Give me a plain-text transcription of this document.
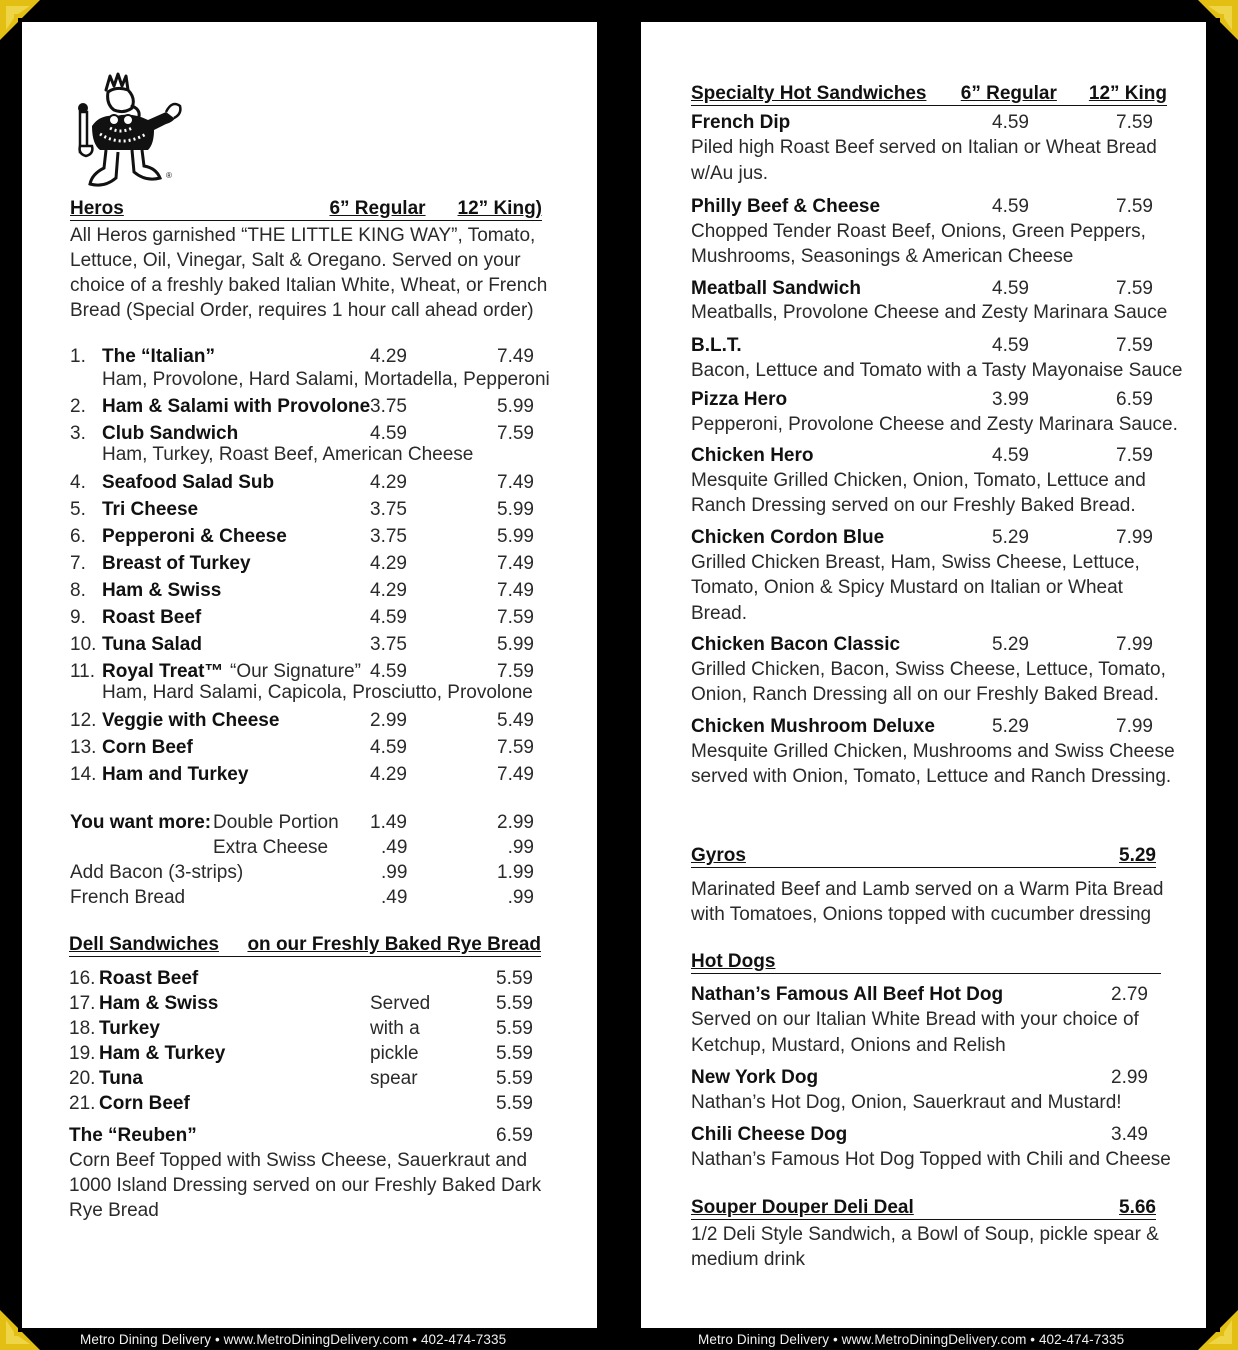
®
Heros	6” Regular 12” King)
All Heros garnished “THE LITTLE KING WAY”, Tomato,
Lettuce, Oil, Vinegar, Salt & Oregano. Served on your
choice of a freshly baked Italian White, Wheat, or French
Bread (Special Order, requires 1 hour call ahead order)
1. The “Italian”	4.29	7.49
Ham, Provolone, Hard Salami, Mortadella, Pepperoni
2. Ham & Salami with Provolone 3.75	5.99
3. Club Sandwich	4.59	7.59
Ham, Turkey, Roast Beef, American Cheese
4. Seafood Salad Sub	4.29	7.49
5. Tri Cheese	3.75	5.99
6. Pepperoni & Cheese	3.75	5.99
7. Breast of Turkey	4.29	7.49
8. Ham & Swiss	4.29	7.49
9. Roast Beef	4.59	7.59
10. Tuna Salad	3.75	5.99
11. Royal Treat™ “Our Signature” 4.59	7.59
Ham, Hard Salami, Capicola, Prosciutto, Provolone
12. Veggie with Cheese	2.99	5.49
13. Corn Beef	4.59	7.59
14. Ham and Turkey	4.29	7.49
You want more: Double Portion 1.49	2.99
Extra Cheese	.49	.99
Add Bacon (3-strips)	.99	1.99
French Bread	.49	.99
Dell Sandwiches on our Freshly Baked Rye Bread
16. Roast Beef	5.59
17. Ham & Swiss	Served	5.59
18. Turkey	with a	5.59
19. Ham & Turkey	pickle	5.59
20. Tuna	spear	5.59
21. Corn Beef	5.59
The “Reuben”	6.59
Corn Beef Topped with Swiss Cheese, Sauerkraut and
1000 Island Dressing served on our Freshly Baked Dark
Rye Bread
Metro Dining Delivery • www.MetroDiningDelivery.com • 402-474-7335
Specialty Hot Sandwiches 6” Regular 12” King
French Dip	4.59	7.59
Piled high Roast Beef served on Italian or Wheat Bread
w/Au jus.
Philly Beef & Cheese	4.59	7.59
Chopped Tender Roast Beef, Onions, Green Peppers,
Mushrooms, Seasonings & American Cheese
Meatball Sandwich	4.59	7.59
Meatballs, Provolone Cheese and Zesty Marinara Sauce
B.L.T.	4.59	7.59
Bacon, Lettuce and Tomato with a Tasty Mayonaise Sauce
Pizza Hero	3.99	6.59
Pepperoni, Provolone Cheese and Zesty Marinara Sauce.
Chicken Hero	4.59	7.59
Mesquite Grilled Chicken, Onion, Tomato, Lettuce and
Ranch Dressing served on our Freshly Baked Bread.
Chicken Cordon Blue	5.29	7.99
Grilled Chicken Breast, Ham, Swiss Cheese, Lettuce,
Tomato, Onion & Spicy Mustard on Italian or Wheat
Bread.
Chicken Bacon Classic	5.29	7.99
Grilled Chicken, Bacon, Swiss Cheese, Lettuce, Tomato,
Onion, Ranch Dressing all on our Freshly Baked Bread.
Chicken Mushroom Deluxe	5.29	7.99
Mesquite Grilled Chicken, Mushrooms and Swiss Cheese
served with Onion, Tomato, Lettuce and Ranch Dressing.
Gyros	5.29
Marinated Beef and Lamb served on a Warm Pita Bread
with Tomatoes, Onions topped with cucumber dressing
Hot Dogs
Nathan’s Famous All Beef Hot Dog	2.79
Served on our Italian White Bread with your choice of
Ketchup, Mustard, Onions and Relish
New York Dog	2.99
Nathan’s Hot Dog, Onion, Sauerkraut and Mustard!
Chili Cheese Dog	3.49
Nathan’s Famous Hot Dog Topped with Chili and Cheese
Souper Douper Deli Deal	5.66
1/2 Deli Style Sandwich, a Bowl of Soup, pickle spear &
medium drink
Metro Dining Delivery • www.MetroDiningDelivery.com • 402-474-7335
